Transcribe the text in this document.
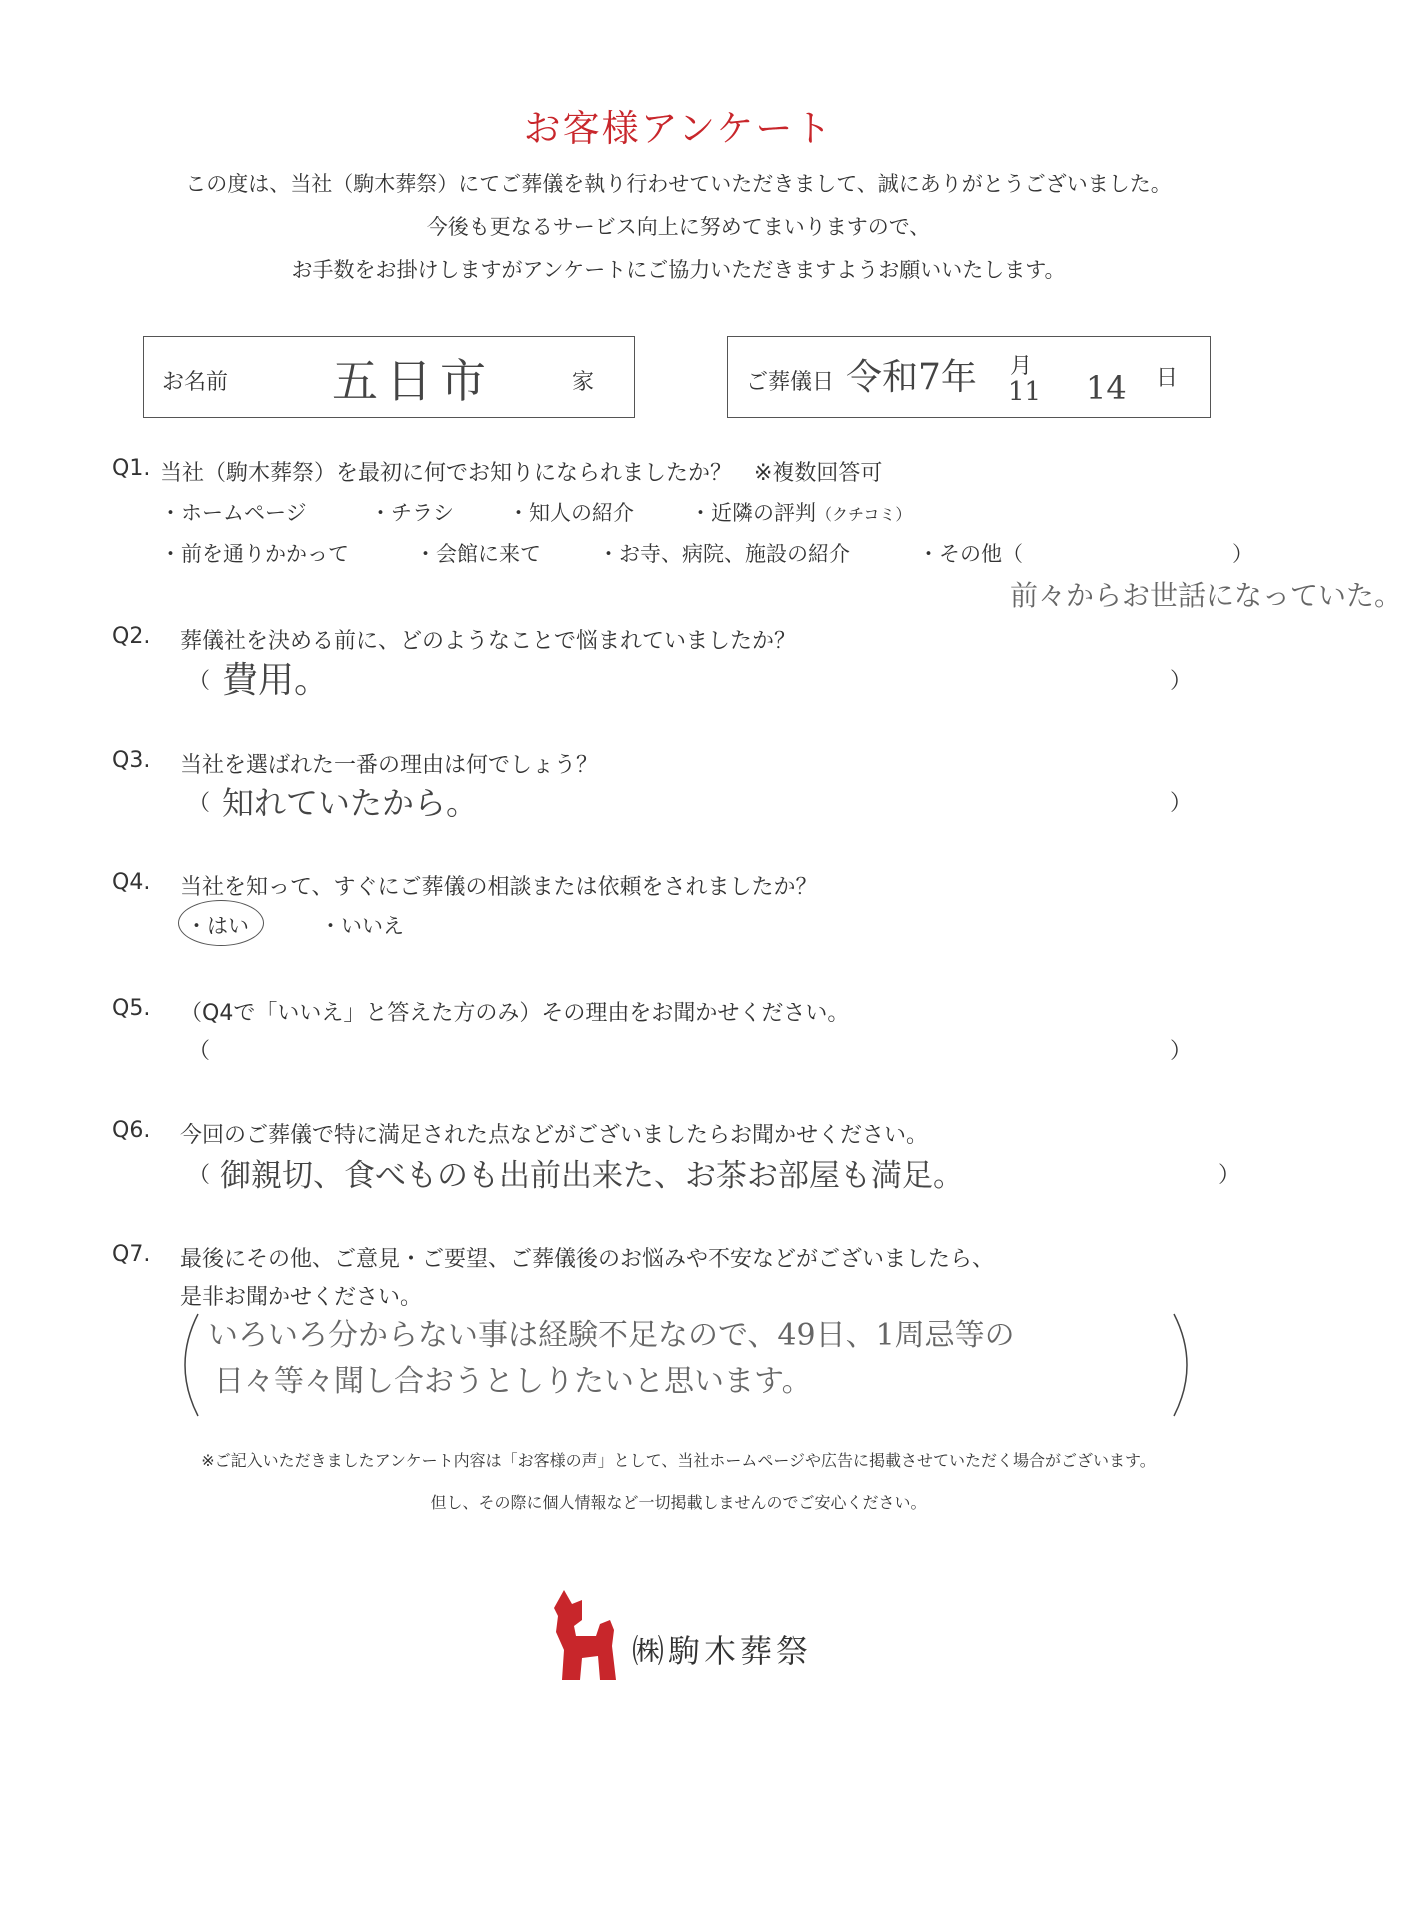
お客様アンケート
この度は、当社（駒木葬祭）にてご葬儀を執り行わせていただきまして、誠にありがとうございました。
今後も更なるサービス向上に努めてまいりますので、
お手数をお掛けしますがアンケートにご協力いただきますようお願いいたします。
お名前 五日市	家	ご葬儀日 令和7年 月
11 14 日
Q1. 当社（駒木葬祭）を最初に何でお知りになられましたか？　※複数回答可
・ホームページ	・チラシ	・知人の紹介	・近隣の評判（クチコミ）
・前を通りかかって	・会館に来て	・お寺、病院、施設の紹介	・その他（	）
前々からお世話になっていた。
Q2. 葬儀社を決める前に、どのようなことで悩まれていましたか？
（ 費用。	）
Q3. 当社を選ばれた一番の理由は何でしょう？
（ 知れていたから。	）
Q4. 当社を知って、すぐにご葬儀の相談または依頼をされましたか？
・はい	・いいえ
Q5. （Q4で「いいえ」と答えた方のみ）その理由をお聞かせください。
（	）
Q6. 今回のご葬儀で特に満足された点などがございましたらお聞かせください。
（ 御親切、食べものも出前出来た、お茶お部屋も満足。	）
Q7. 最後にその他、ご意見・ご要望、ご葬儀後のお悩みや不安などがございましたら、
是非お聞かせください。
いろいろ分からない事は経験不足なので、49日、1周忌等の
日々等々聞し合おうとしりたいと思います。
※ご記入いただきましたアンケート内容は「お客様の声」として、当社ホームページや広告に掲載させていただく場合がございます。
但し、その際に個人情報など一切掲載しませんのでご安心ください。
㈱駒木葬祭
